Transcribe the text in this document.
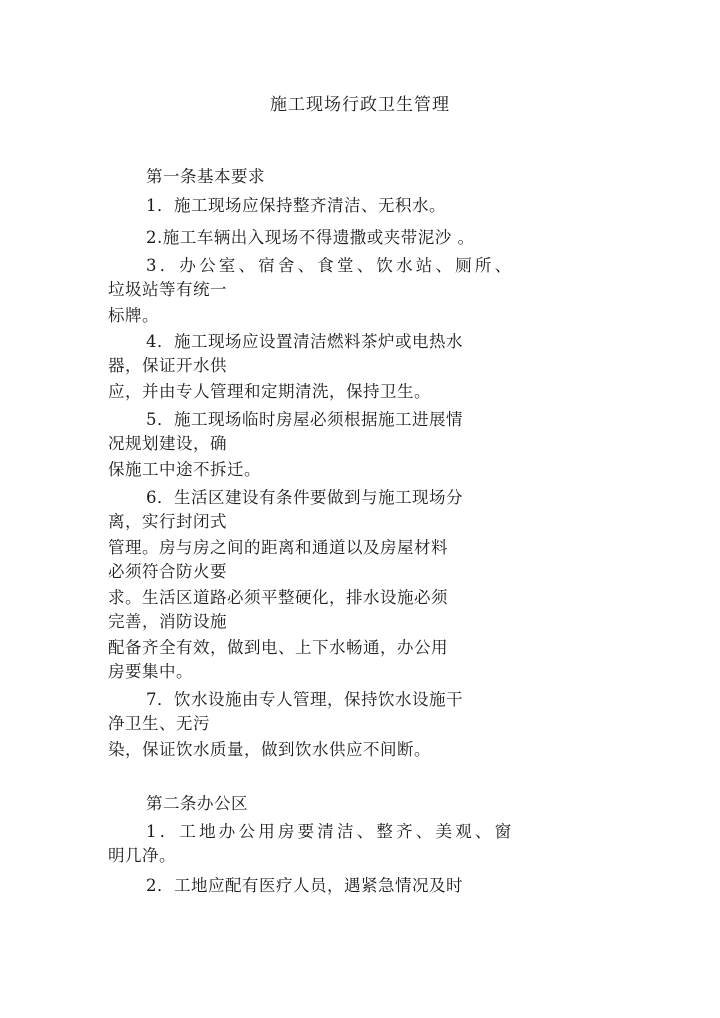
施工现场行政卫生管理
第一条基本要求
1．施工现场应保持整齐清洁、无积水。
2.施工车辆出入现场不得遗撒或夹带泥沙 。
3．办公室、宿舍、食堂、饮水站、厕所、
垃圾站等有统一
标牌。
4．施工现场应设置清洁燃料茶炉或电热水
器，保证开水供
应，并由专人管理和定期清洗，保持卫生。
5．施工现场临时房屋必须根据施工进展情
况规划建设，确
保施工中途不拆迁。
6．生活区建设有条件要做到与施工现场分
离，实行封闭式
管理。房与房之间的距离和通道以及房屋材料
必须符合防火要
求。生活区道路必须平整硬化，排水设施必须
完善，消防设施
配备齐全有效，做到电、上下水畅通，办公用
房要集中。
7．饮水设施由专人管理，保持饮水设施干
净卫生、无污
染，保证饮水质量，做到饮水供应不间断。
第二条办公区
1．工地办公用房要清洁、整齐、美观、窗
明几净。
2．工地应配有医疗人员，遇紧急情况及时
